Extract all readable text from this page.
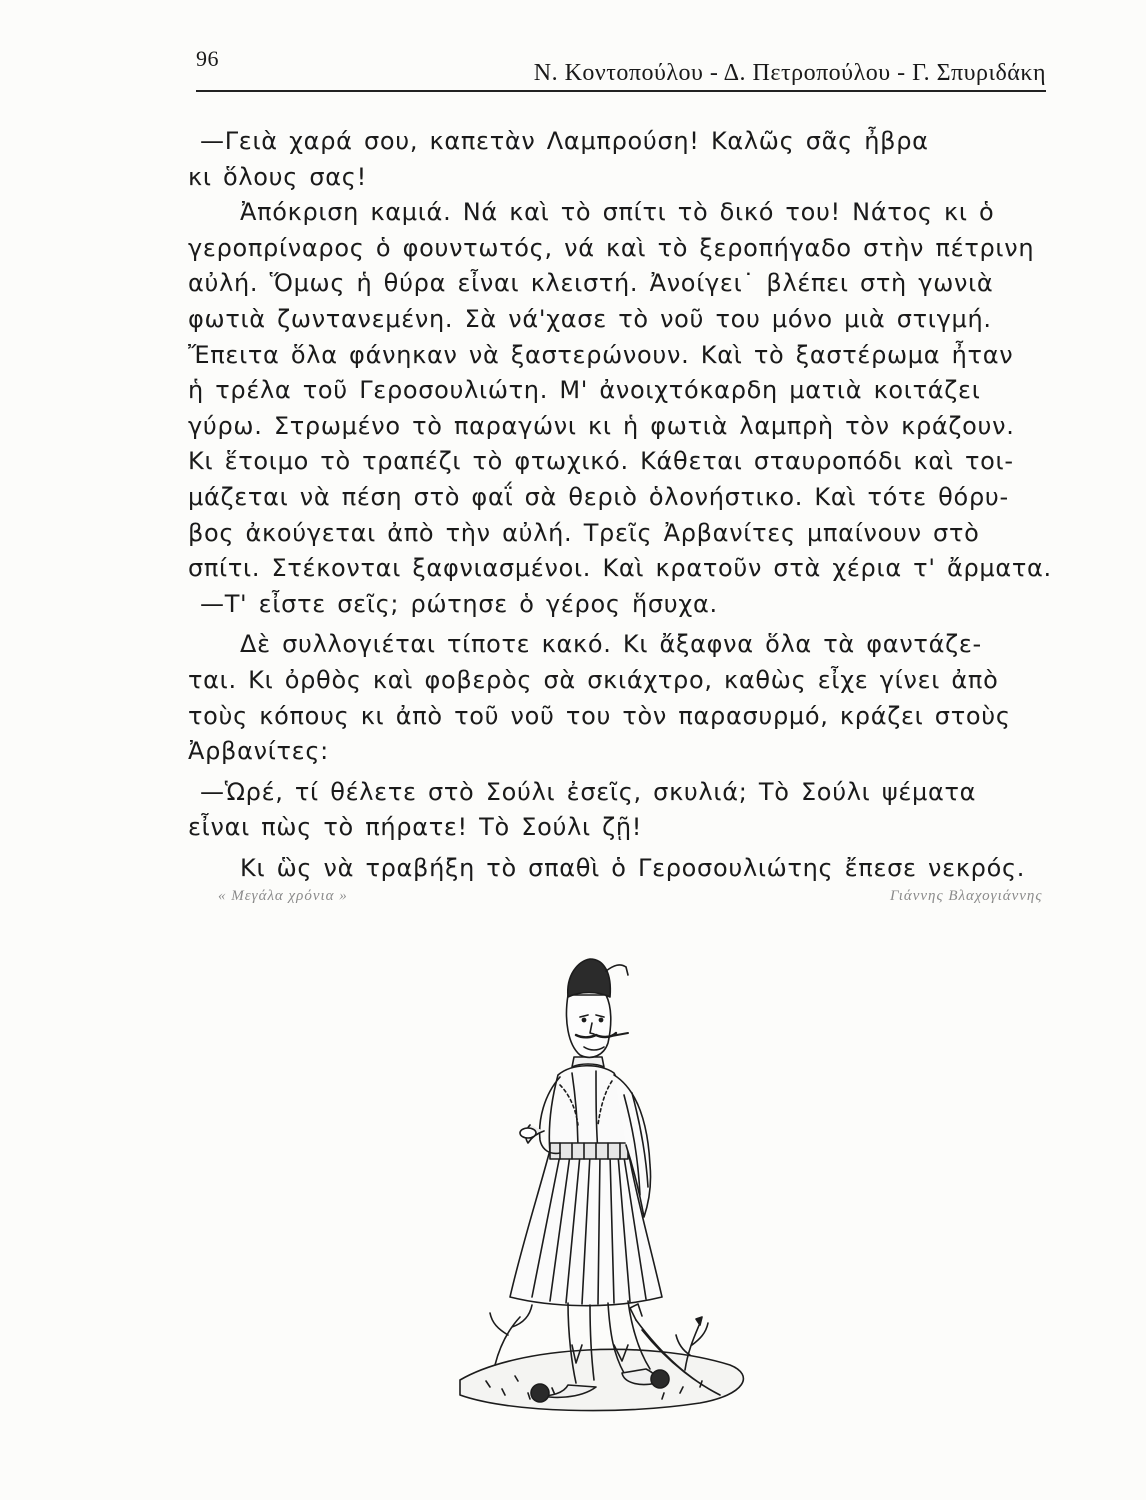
96
Ν. Κοντοπούλου - Δ. Πετροπούλου - Γ. Σπυριδάκη
—Γειὰ χαρά σου, καπετὰν Λαμπρούση! Καλῶς σᾶς ἦβρα
κι ὅλους σας!
Ἀπόκριση καμιά. Νά καὶ τὸ σπίτι τὸ δικό του! Νάτος κι ὁ
γεροπρίναρος ὁ φουντωτός, νά καὶ τὸ ξεροπήγαδο στὴν πέτρινη
αὐλή. Ὅμως ἡ θύρα εἶναι κλειστή. Ἀνοίγει˙ βλέπει στὴ γωνιὰ
φωτιὰ ζωντανεμένη. Σὰ νά'χασε τὸ νοῦ του μόνο μιὰ στιγμή.
Ἔπειτα ὅλα φάνηκαν νὰ ξαστερώνουν. Καὶ τὸ ξαστέρωμα ἦταν
ἡ τρέλα τοῦ Γεροσουλιώτη. Μ' ἀνοιχτόκαρδη ματιὰ κοιτάζει
γύρω. Στρωμένο τὸ παραγώνι κι ἡ φωτιὰ λαμπρὴ τὸν κράζουν.
Κι ἕτοιμο τὸ τραπέζι τὸ φτωχικό. Κάθεται σταυροπόδι καὶ τοι-
μάζεται νὰ πέση στὸ φαΐ σὰ θεριὸ ὁλονήστικο. Καὶ τότε θόρυ-
βος ἀκούγεται ἀπὸ τὴν αὐλή. Τρεῖς Ἀρβανίτες μπαίνουν στὸ
σπίτι. Στέκονται ξαφνιασμένοι. Καὶ κρατοῦν στὰ χέρια τ' ἄρματα.
—Τ' εἶστε σεῖς; ρώτησε ὁ γέρος ἥσυχα.
Δὲ συλλογιέται τίποτε κακό. Κι ἄξαφνα ὅλα τὰ φαντάζε-
ται. Κι ὀρθὸς καὶ φοβερὸς σὰ σκιάχτρο, καθὼς εἶχε γίνει ἀπὸ
τοὺς κόπους κι ἀπὸ τοῦ νοῦ του τὸν παρασυρμό, κράζει στοὺς
Ἀρβανίτες:
—Ὡρέ, τί θέλετε στὸ Σούλι ἐσεῖς, σκυλιά; Τὸ Σούλι ψέματα
εἶναι πὼς τὸ πήρατε! Τὸ Σούλι ζῇ!
Κι ὣς νὰ τραβήξη τὸ σπαθὶ ὁ Γεροσουλιώτης ἔπεσε νεκρός.
« Μεγάλα χρόνια »	Γιάννης Βλαχογιάννης
